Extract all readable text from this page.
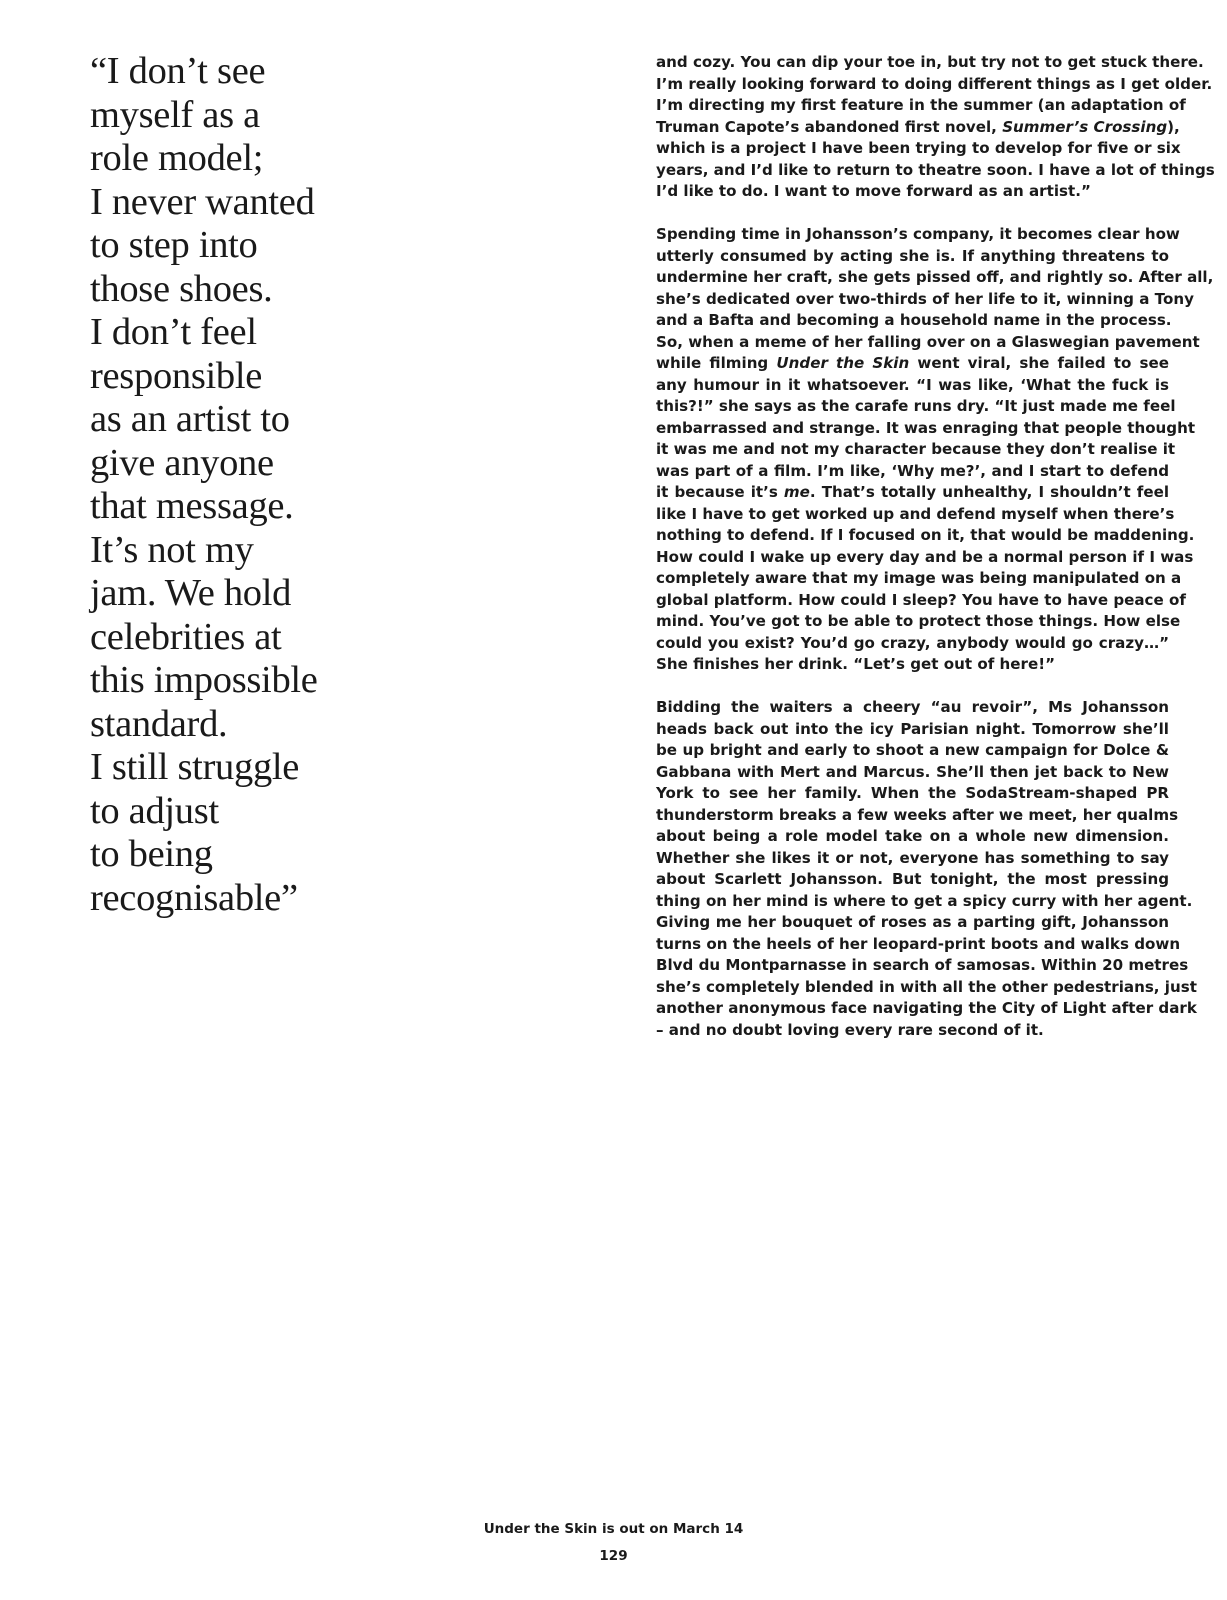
“I don’t see
myself as a
role model;
I never wanted
to step into
those shoes.
I don’t feel
responsible
as an artist to
give anyone
that message.
It’s not my
jam. We hold
celebrities at
this impossible
standard.
I still struggle
to adjust
to being
recognisable”

and cozy. You can dip your toe in, but try not to get stuck there.
I’m really looking forward to doing different things as I get older.
I’m directing my first feature in the summer (an adaptation of
Truman Capote’s abandoned first novel, Summer’s Crossing),
which is a project I have been trying to develop for five or six
years, and I’d like to return to theatre soon. I have a lot of things
I’d like to do. I want to move forward as an artist.”

Spending time in Johansson’s company, it becomes clear how
utterly consumed by acting she is. If anything threatens to
undermine her craft, she gets pissed off, and rightly so. After all,
she’s dedicated over two-thirds of her life to it, winning a Tony
and a Bafta and becoming a household name in the process.
So, when a meme of her falling over on a Glaswegian pavement
while filming Under the Skin went viral, she failed to see
any humour in it whatsoever. “I was like, ‘What the fuck is
this?!” she says as the carafe runs dry. “It just made me feel
embarrassed and strange. It was enraging that people thought
it was me and not my character because they don’t realise it
was part of a film. I’m like, ‘Why me?’, and I start to defend
it because it’s me. That’s totally unhealthy, I shouldn’t feel
like I have to get worked up and defend myself when there’s
nothing to defend. If I focused on it, that would be maddening.
How could I wake up every day and be a normal person if I was
completely aware that my image was being manipulated on a
global platform. How could I sleep? You have to have peace of
mind. You’ve got to be able to protect those things. How else
could you exist? You’d go crazy, anybody would go crazy…”
She finishes her drink. “Let’s get out of here!”

Bidding the waiters a cheery “au revoir”, Ms Johansson
heads back out into the icy Parisian night. Tomorrow she’ll
be up bright and early to shoot a new campaign for Dolce &
Gabbana with Mert and Marcus. She’ll then jet back to New
York to see her family. When the SodaStream-shaped PR
thunderstorm breaks a few weeks after we meet, her qualms
about being a role model take on a whole new dimension.
Whether she likes it or not, everyone has something to say
about Scarlett Johansson. But tonight, the most pressing
thing on her mind is where to get a spicy curry with her agent.
Giving me her bouquet of roses as a parting gift, Johansson
turns on the heels of her leopard-print boots and walks down
Blvd du Montparnasse in search of samosas. Within 20 metres
she’s completely blended in with all the other pedestrians, just
another anonymous face navigating the City of Light after dark
– and no doubt loving every rare second of it.

Under the Skin is out on March 14
129
